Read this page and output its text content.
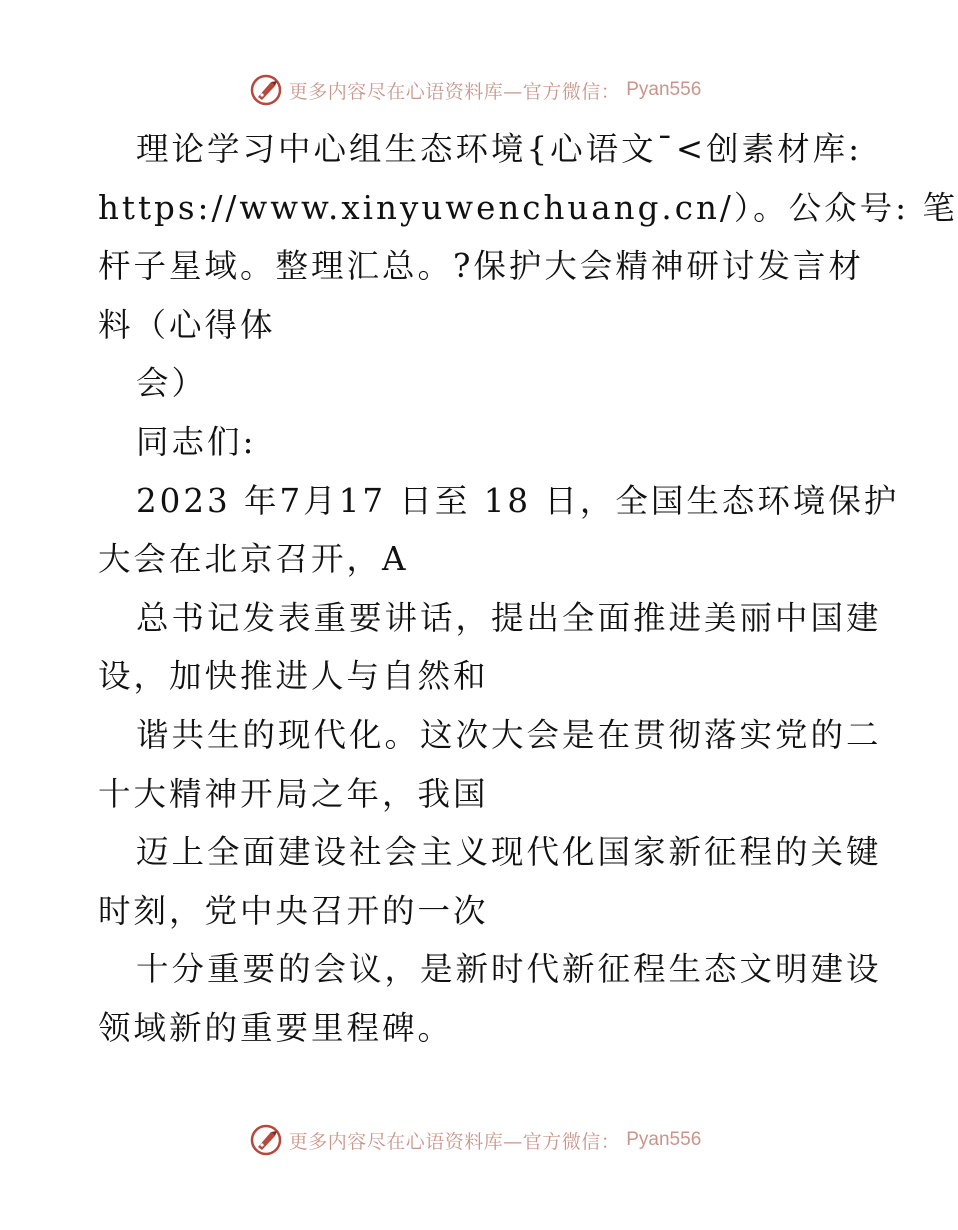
更多内容尽在心语资料库—官方微信： Pyan556
理论学习中心组生态环境{心语文¯<创素材库:
https://www.xinyuwenchuang.cn/）。公众号: 笔
杆子星域。整理汇总。?保护大会精神研讨发言材
料（心得体
会）
同志们:
2023 年7月17 日至 18 日，全国生态环境保护
大会在北京召开，A
总书记发表重要讲话，提出全面推进美丽中国建
设，加快推进人与自然和
谐共生的现代化。这次大会是在贯彻落实党的二
十大精神开局之年，我国
迈上全面建设社会主义现代化国家新征程的关键
时刻，党中央召开的一次
十分重要的会议，是新时代新征程生态文明建设
领域新的重要里程碑。
更多内容尽在心语资料库—官方微信： Pyan556
